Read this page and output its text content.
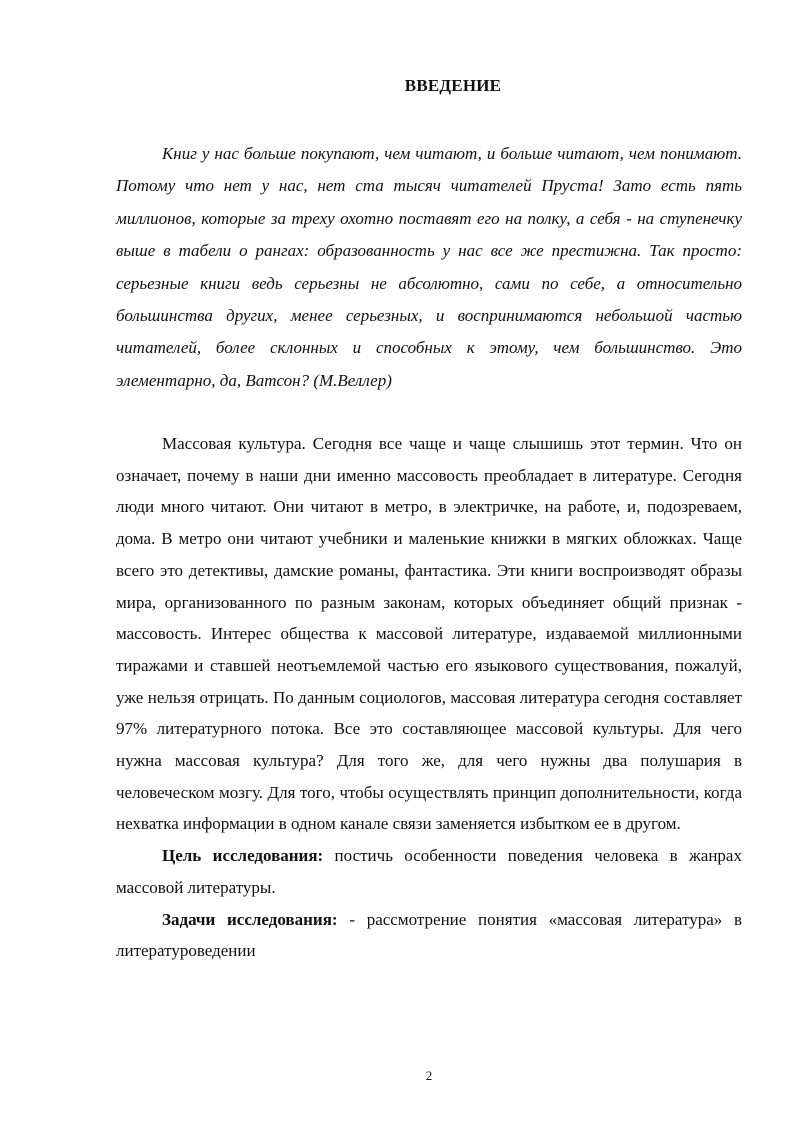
ВВЕДЕНИЕ

Книг у нас больше покупают, чем читают, и больше читают, чем понимают. Потому что нет у нас, нет ста тысяч читателей Пруста! Зато есть пять миллионов, которые за треху охотно поставят его на полку, а себя - на ступенечку выше в табели о рангах: образованность у нас все же престижна. Так просто: серьезные книги ведь серьезны не абсолютно, сами по себе, а относительно большинства других, менее серьезных, и воспринимаются небольшой частью читателей, более склонных и способных к этому, чем большинство. Это элементарно, да, Ватсон? (М.Веллер)

Массовая культура. Сегодня все чаще и чаще слышишь этот термин. Что он означает, почему в наши дни именно массовость преобладает в литературе. Сегодня люди много читают. Они читают в метро, в электричке, на работе, и, подозреваем, дома. В метро они читают учебники и маленькие книжки в мягких обложках. Чаще всего это детективы, дамские романы, фантастика. Эти книги воспроизводят образы мира, организованного по разным законам, которых объединяет общий признак - массовость. Интерес общества к массовой литературе, издаваемой миллионными тиражами и ставшей неотъемлемой частью его языкового существования, пожалуй, уже нельзя отрицать. По данным социологов, массовая литература сегодня составляет 97% литературного потока. Все это составляющее массовой культуры. Для чего нужна массовая культура? Для того же, для чего нужны два полушария в человеческом мозгу. Для того, чтобы осуществлять принцип дополнительности, когда нехватка информации в одном канале связи заменяется избытком ее в другом.

Цель исследования: постичь особенности поведения человека в жанрах массовой литературы.

Задачи исследования: - рассмотрение понятия «массовая литература» в литературоведении

2
